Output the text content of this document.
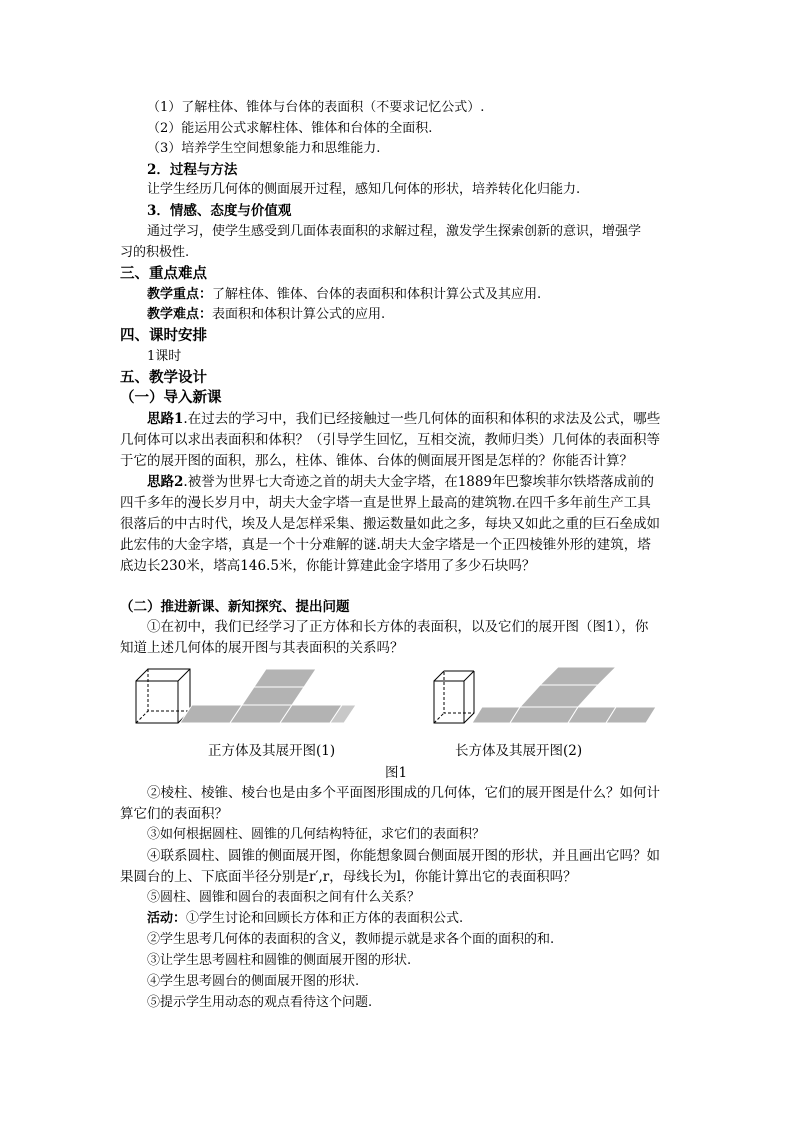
（1）了解柱体、锥体与台体的表面积（不要求记忆公式）.
（2）能运用公式求解柱体、锥体和台体的全面积.
（3）培养学生空间想象能力和思维能力.
2．过程与方法
让学生经历几何体的侧面展开过程，感知几何体的形状，培养转化化归能力.
3．情感、态度与价值观
通过学习，使学生感受到几面体表面积的求解过程，激发学生探索创新的意识，增强学
习的积极性.
三、重点难点
教学重点：了解柱体、锥体、台体的表面积和体积计算公式及其应用.
教学难点：表面积和体积计算公式的应用.
四、课时安排
1课时
五、教学设计
（一）导入新课
思路1.在过去的学习中，我们已经接触过一些几何体的面积和体积的求法及公式，哪些
几何体可以求出表面积和体积？（引导学生回忆，互相交流，教师归类）几何体的表面积等
于它的展开图的面积，那么，柱体、锥体、台体的侧面展开图是怎样的？你能否计算？
思路2.被誉为世界七大奇迹之首的胡夫大金字塔，在1889年巴黎埃菲尔铁塔落成前的
四千多年的漫长岁月中，胡夫大金字塔一直是世界上最高的建筑物.在四千多年前生产工具
很落后的中古时代，埃及人是怎样采集、搬运数量如此之多，每块又如此之重的巨石垒成如
此宏伟的大金字塔，真是一个十分难解的谜.胡夫大金字塔是一个正四棱锥外形的建筑，塔
底边长230米，塔高146.5米，你能计算建此金字塔用了多少石块吗？
（二）推进新课、新知探究、提出问题
①在初中，我们已经学习了正方体和长方体的表面积，以及它们的展开图（图1），你
知道上述几何体的展开图与其表面积的关系吗？
正方体及其展开图(1)	长方体及其展开图(2)
图1
②棱柱、棱锥、棱台也是由多个平面图形围成的几何体，它们的展开图是什么？如何计
算它们的表面积？
③如何根据圆柱、圆锥的几何结构特征，求它们的表面积？
④联系圆柱、圆锥的侧面展开图，你能想象圆台侧面展开图的形状，并且画出它吗？如
果圆台的上、下底面半径分别是r′,r，母线长为l，你能计算出它的表面积吗？
⑤圆柱、圆锥和圆台的表面积之间有什么关系？
活动：①学生讨论和回顾长方体和正方体的表面积公式.
②学生思考几何体的表面积的含义，教师提示就是求各个面的面积的和.
③让学生思考圆柱和圆锥的侧面展开图的形状.
④学生思考圆台的侧面展开图的形状.
⑤提示学生用动态的观点看待这个问题.
